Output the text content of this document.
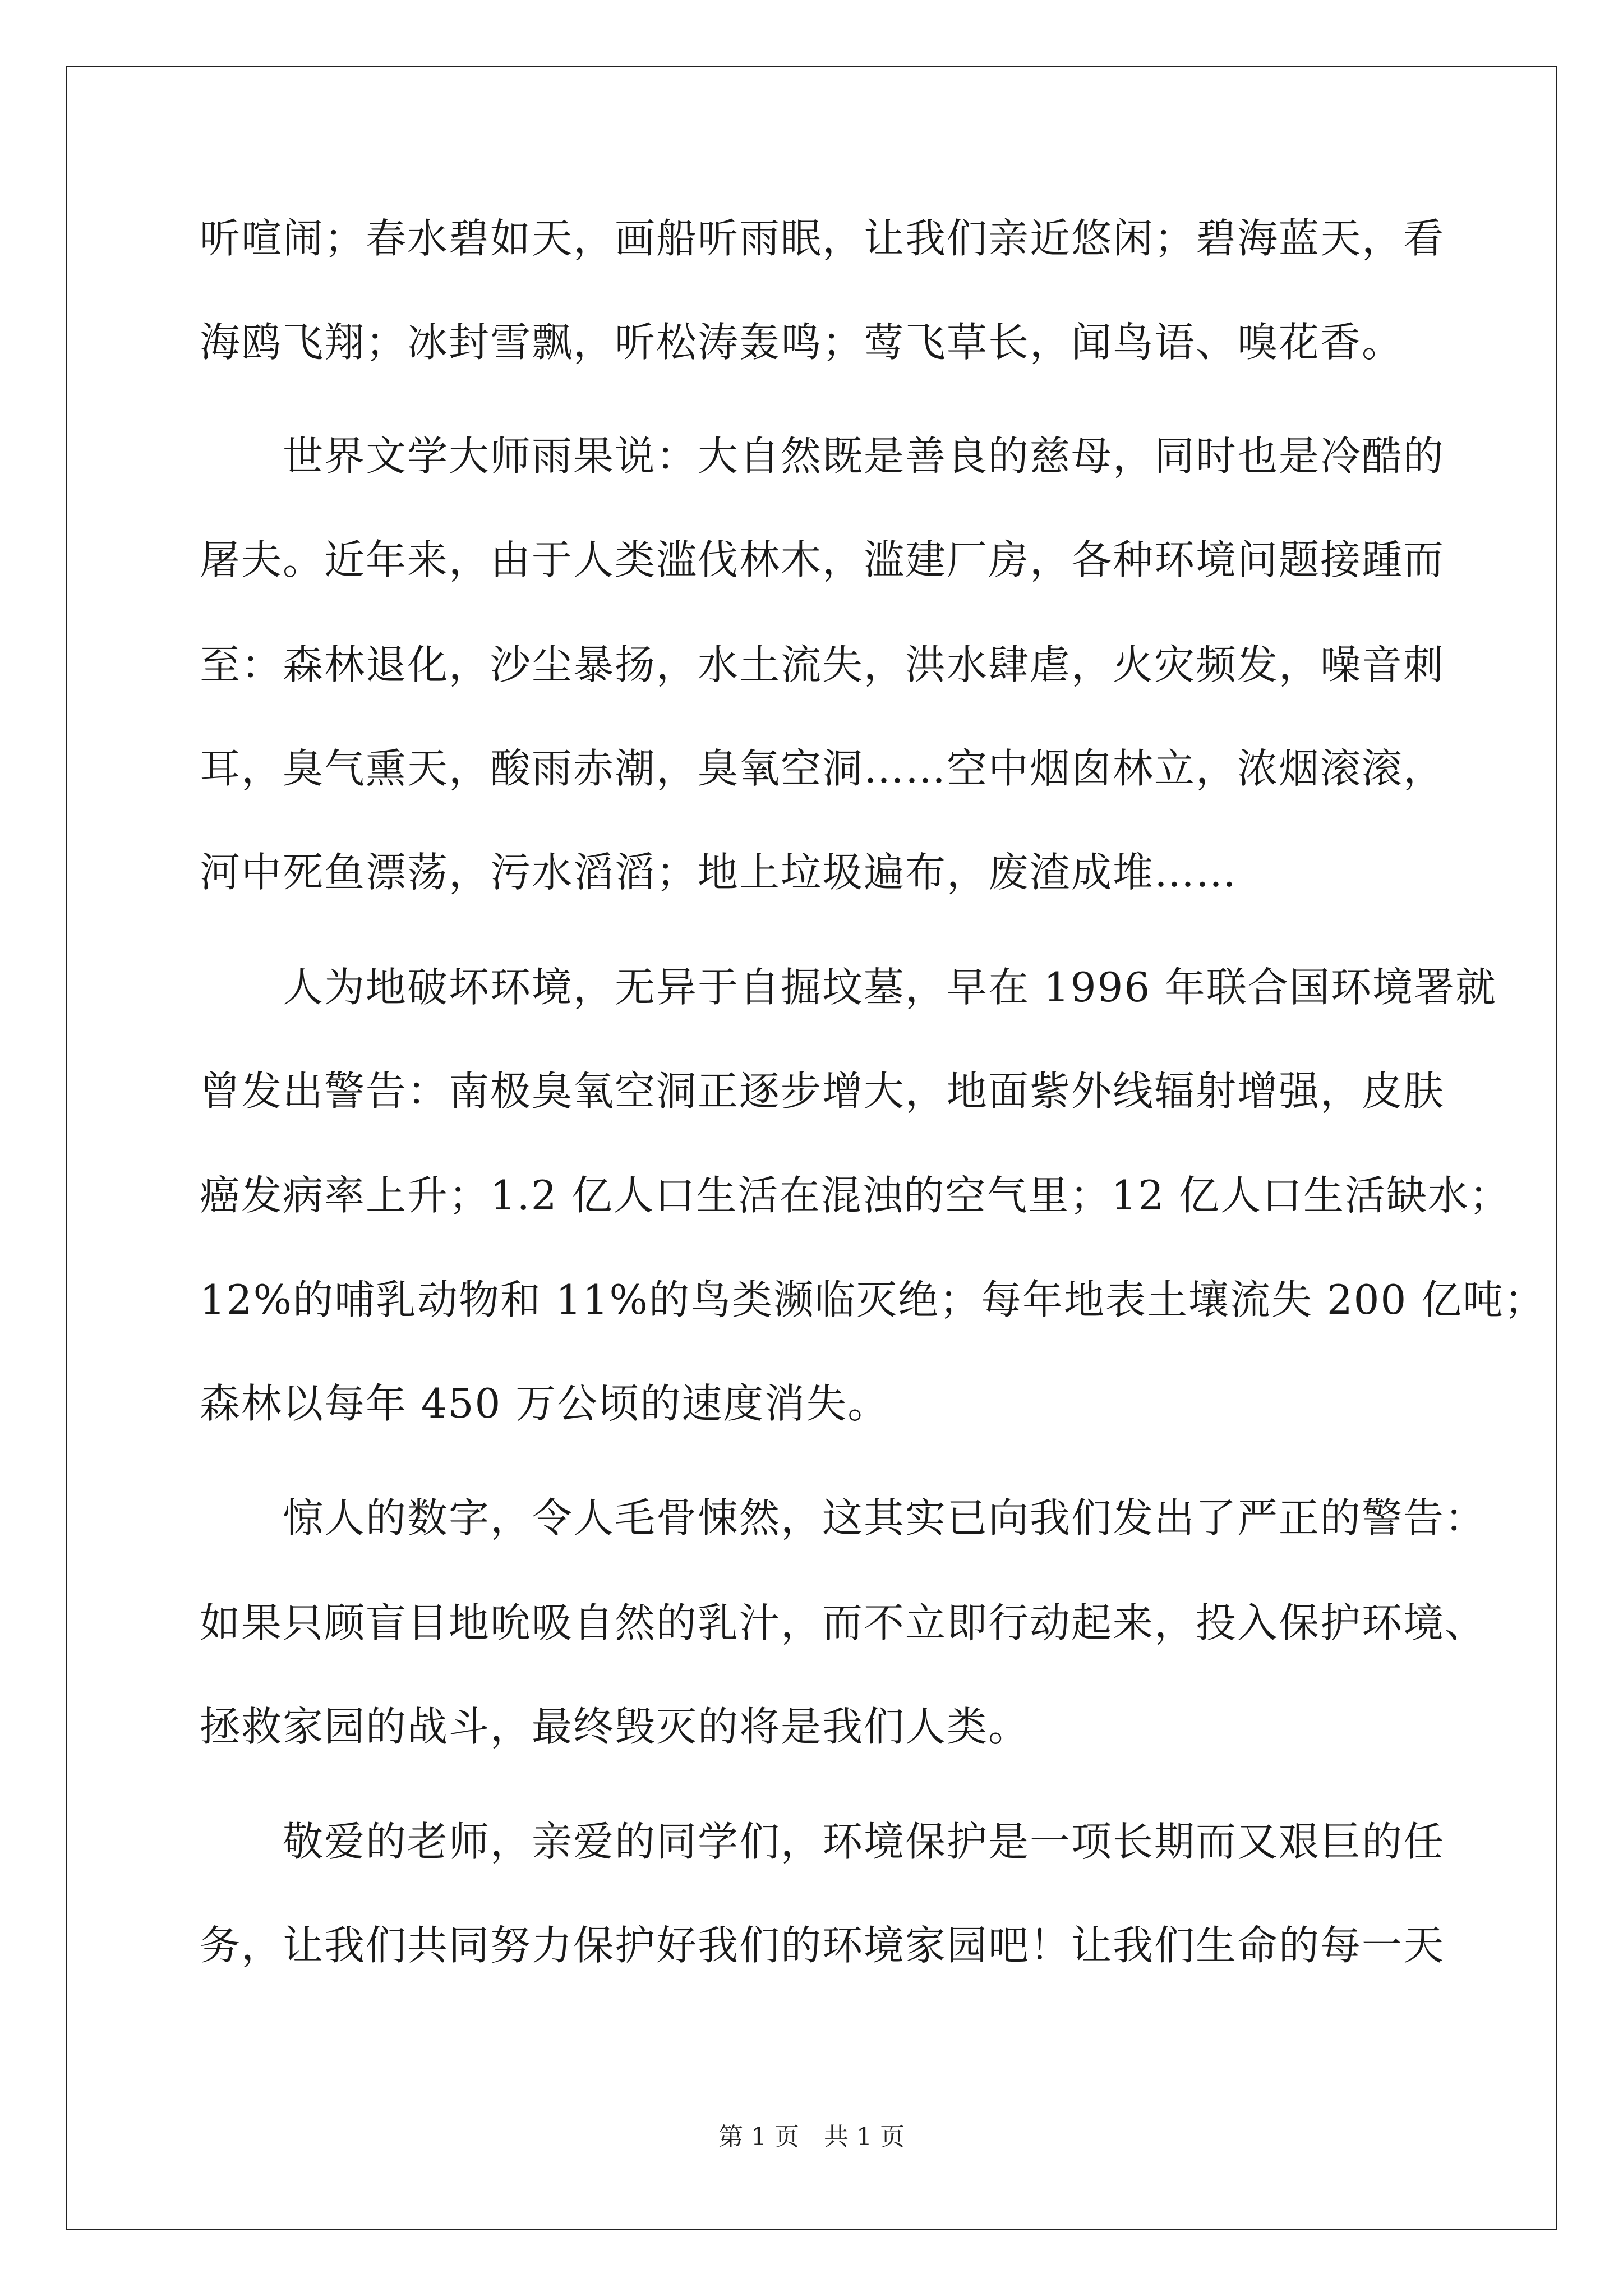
听喧闹；春水碧如天，画船听雨眠，让我们亲近悠闲；碧海蓝天，看
海鸥飞翔；冰封雪飘，听松涛轰鸣；莺飞草长，闻鸟语、嗅花香。
　　世界文学大师雨果说：大自然既是善良的慈母，同时也是冷酷的
屠夫。近年来，由于人类滥伐林木，滥建厂房，各种环境问题接踵而
至：森林退化，沙尘暴扬，水土流失，洪水肆虐，火灾频发，噪音刺
耳，臭气熏天，酸雨赤潮，臭氧空洞……空中烟囱林立，浓烟滚滚，
河中死鱼漂荡，污水滔滔；地上垃圾遍布，废渣成堆……
　　人为地破坏环境，无异于自掘坟墓，早在 1996 年联合国环境署就
曾发出警告：南极臭氧空洞正逐步增大，地面紫外线辐射增强，皮肤
癌发病率上升；1.2 亿人口生活在混浊的空气里；12 亿人口生活缺水；
12%的哺乳动物和 11%的鸟类濒临灭绝；每年地表土壤流失 200 亿吨；
森林以每年 450 万公顷的速度消失。
　　惊人的数字，令人毛骨悚然，这其实已向我们发出了严正的警告：
如果只顾盲目地吮吸自然的乳汁，而不立即行动起来，投入保护环境、
拯救家园的战斗，最终毁灭的将是我们人类。
　　敬爱的老师，亲爱的同学们，环境保护是一项长期而又艰巨的任
务，让我们共同努力保护好我们的环境家园吧！让我们生命的每一天
第 1 页　共 1 页
